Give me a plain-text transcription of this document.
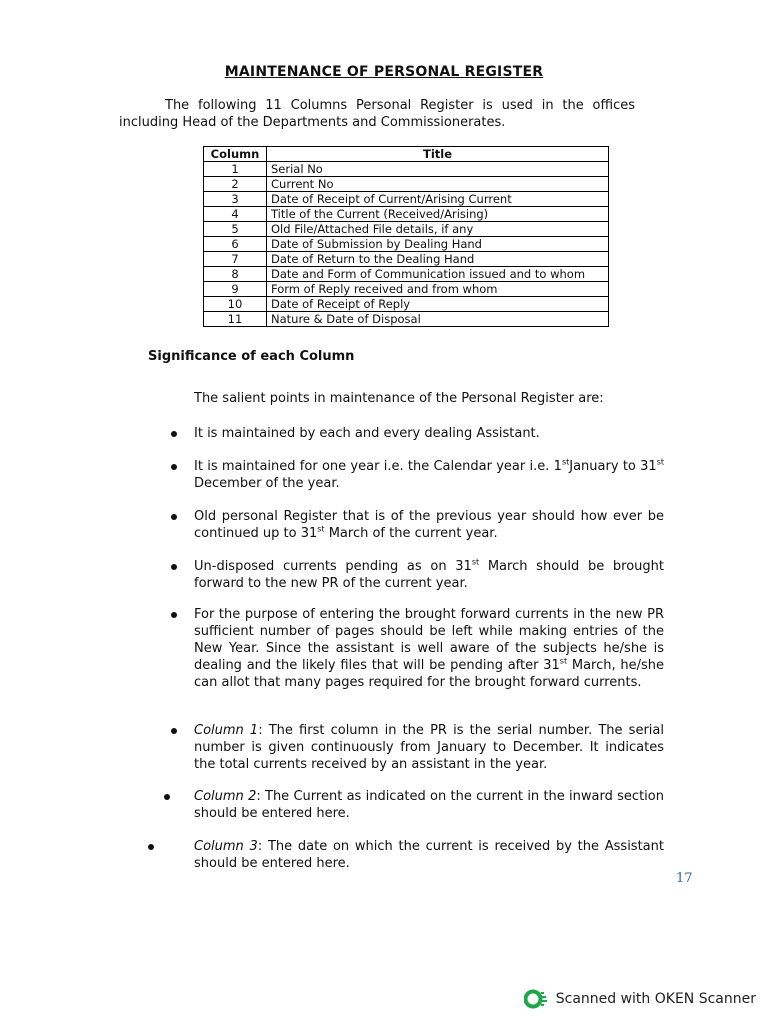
MAINTENANCE OF PERSONAL REGISTER

The following 11 Columns Personal Register is used in the offices including Head of the Departments and Commissionerates.

Column	Title
1	Serial No
2	Current No
3	Date of Receipt of Current/Arising Current
4	Title of the Current (Received/Arising)
5	Old File/Attached File details, if any
6	Date of Submission by Dealing Hand
7	Date of Return to the Dealing Hand
8	Date and Form of Communication issued and to whom
9	Form of Reply received and from whom
10	Date of Receipt of Reply
11	Nature & Date of Disposal
Significance of each Column

The salient points in maintenance of the Personal Register are:

It is maintained by each and every dealing Assistant.

It is maintained for one year i.e. the Calendar year i.e. 1stJanuary to 31st December of the year.

Old personal Register that is of the previous year should how ever be continued up to 31st March of the current year.

Un-disposed currents pending as on 31st March should be brought forward to the new PR of the current year.

For the purpose of entering the brought forward currents in the new PR sufficient number of pages should be left while making entries of the New Year. Since the assistant is well aware of the subjects he/she is dealing and the likely files that will be pending after 31st March, he/she can allot that many pages required for the brought forward currents.

Column 1: The first column in the PR is the serial number. The serial number is given continuously from January to December. It indicates the total currents received by an assistant in the year.

Column 2: The Current as indicated on the current in the inward section should be entered here.

Column 3: The date on which the current is received by the Assistant should be entered here.

17
Scanned with OKEN Scanner
